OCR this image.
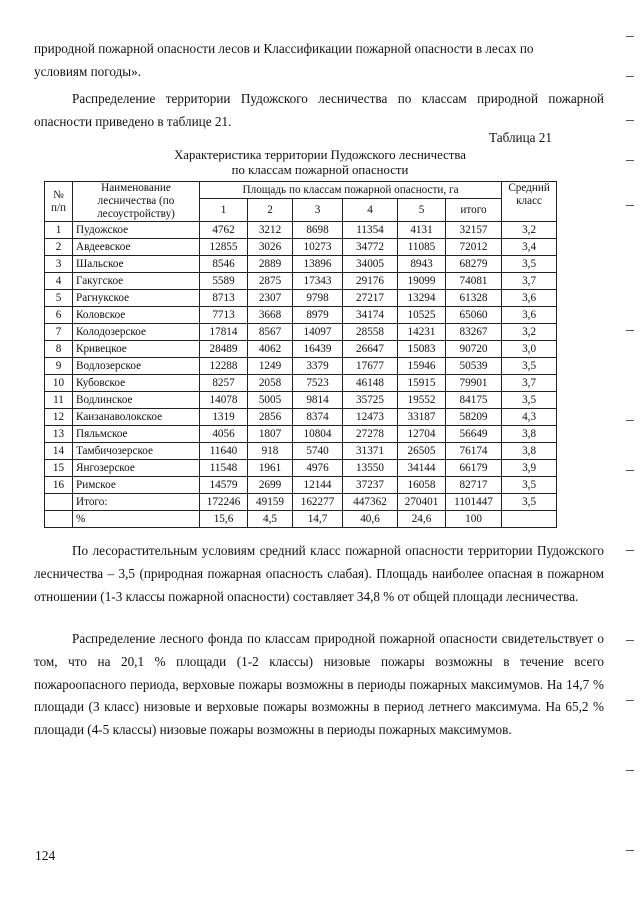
природной пожарной опасности лесов и Классификации пожарной опасности в лесах по

условиям погоды».

Распределение территории Пудожского лесничества по классам природной пожарной опасности приведено в таблице 21.

Таблица 21
Характеристика территории Пудожского лесничества
по классам пожарной опасности
№ п/п	Наименование лесничества (по лесоустройству)	Площадь по классам пожарной опасности, га						Средний класс
		1	2	3	4	5	итого	
1	Пудожское	4762	3212	8698	11354	4131	32157	3,2
2	Авдеевское	12855	3026	10273	34772	11085	72012	3,4
3	Шальское	8546	2889	13896	34005	8943	68279	3,5
4	Гакугское	5589	2875	17343	29176	19099	74081	3,7
5	Рагнукское	8713	2307	9798	27217	13294	61328	3,6
6	Коловское	7713	3668	8979	34174	10525	65060	3,6
7	Колодозерское	17814	8567	14097	28558	14231	83267	3,2
8	Кривецкое	28489	4062	16439	26647	15083	90720	3,0
9	Водлозерское	12288	1249	3379	17677	15946	50539	3,5
10	Кубовское	8257	2058	7523	46148	15915	79901	3,7
11	Водлинское	14078	5005	9814	35725	19552	84175	3,5
12	Каизанаволокское	1319	2856	8374	12473	33187	58209	4,3
13	Пяльмское	4056	1807	10804	27278	12704	56649	3,8
14	Тамбичозерское	11640	918	5740	31371	26505	76174	3,8
15	Янгозерское	11548	1961	4976	13550	34144	66179	3,9
16	Римское	14579	2699	12144	37237	16058	82717	3,5
	Итого:	172246	49159	162277	447362	270401	1101447	3,5
	%	15,6	4,5	14,7	40,6	24,6	100	

По лесорастительным условиям средний класс пожарной опасности территории Пудожского лесничества – 3,5 (природная пожарная опасность слабая). Площадь наиболее опасная в пожарном отношении (1-3 классы пожарной опасности) составляет 34,8 % от общей площади лесничества.

Распределение лесного фонда по классам природной пожарной опасности свидетельствует о том, что на 20,1 % площади (1-2 классы) низовые пожары возможны в течение всего пожароопасного периода, верховые пожары возможны в периоды пожарных максимумов. На 14,7 % площади (3 класс) низовые и верховые пожары возможны в период летнего максимума. На 65,2 % площади (4-5 классы) низовые пожары возможны в периоды пожарных максимумов.

124
